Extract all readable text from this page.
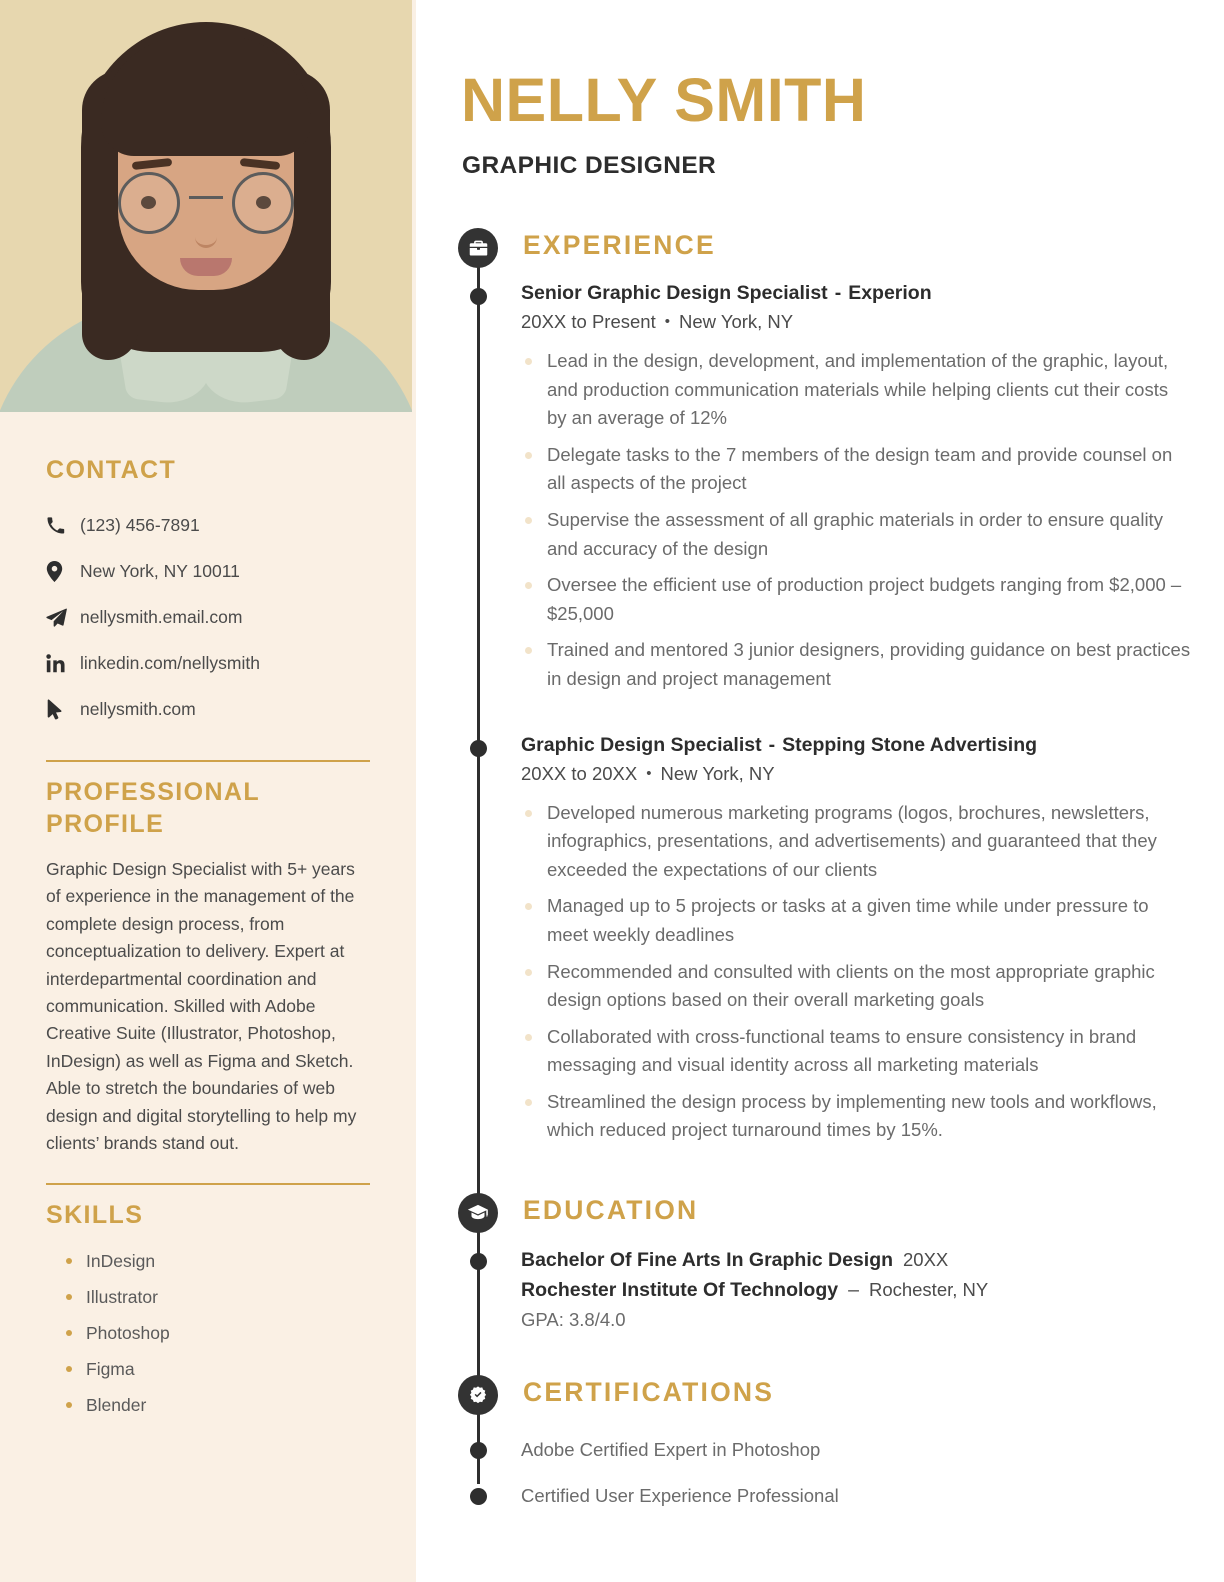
CONTACT
(123) 456-7891
New York, NY 10011
nellysmith.email.com
linkedin.com/nellysmith
nellysmith.com
PROFESSIONAL PROFILE

Graphic Design Specialist with 5+ years of experience in the management of the complete design process, from conceptualization to delivery. Expert at interdepartmental coordination and communication. Skilled with Adobe Creative Suite (Illustrator, Photoshop, InDesign) as well as Figma and Sketch. Able to stretch the boundaries of web design and digital storytelling to help my clients’ brands stand out.

SKILLS
InDesign
Illustrator
Photoshop
Figma
Blender
NELLY SMITH
GRAPHIC DESIGNER
EXPERIENCE
Senior Graphic Design Specialist - Experion
20XX to Present • New York, NY
Lead in the design, development, and implementation of the graphic, layout, and production communication materials while helping clients cut their costs by an average of 12%
Delegate tasks to the 7 members of the design team and provide counsel on all aspects of the project
Supervise the assessment of all graphic materials in order to ensure quality and accuracy of the design
Oversee the efficient use of production project budgets ranging from $2,000 – $25,000
Trained and mentored 3 junior designers, providing guidance on best practices in design and project management
Graphic Design Specialist - Stepping Stone Advertising
20XX to 20XX • New York, NY
Developed numerous marketing programs (logos, brochures, newsletters, infographics, presentations, and advertisements) and guaranteed that they exceeded the expectations of our clients
Managed up to 5 projects or tasks at a given time while under pressure to meet weekly deadlines
Recommended and consulted with clients on the most appropriate graphic design options based on their overall marketing goals
Collaborated with cross-functional teams to ensure consistency in brand messaging and visual identity across all marketing materials
Streamlined the design process by implementing new tools and workflows, which reduced project turnaround times by 15%.
EDUCATION
Bachelor Of Fine Arts In Graphic Design 20XX
Rochester Institute Of Technology – Rochester, NY
GPA: 3.8/4.0
CERTIFICATIONS
Adobe Certified Expert in Photoshop
Certified User Experience Professional
